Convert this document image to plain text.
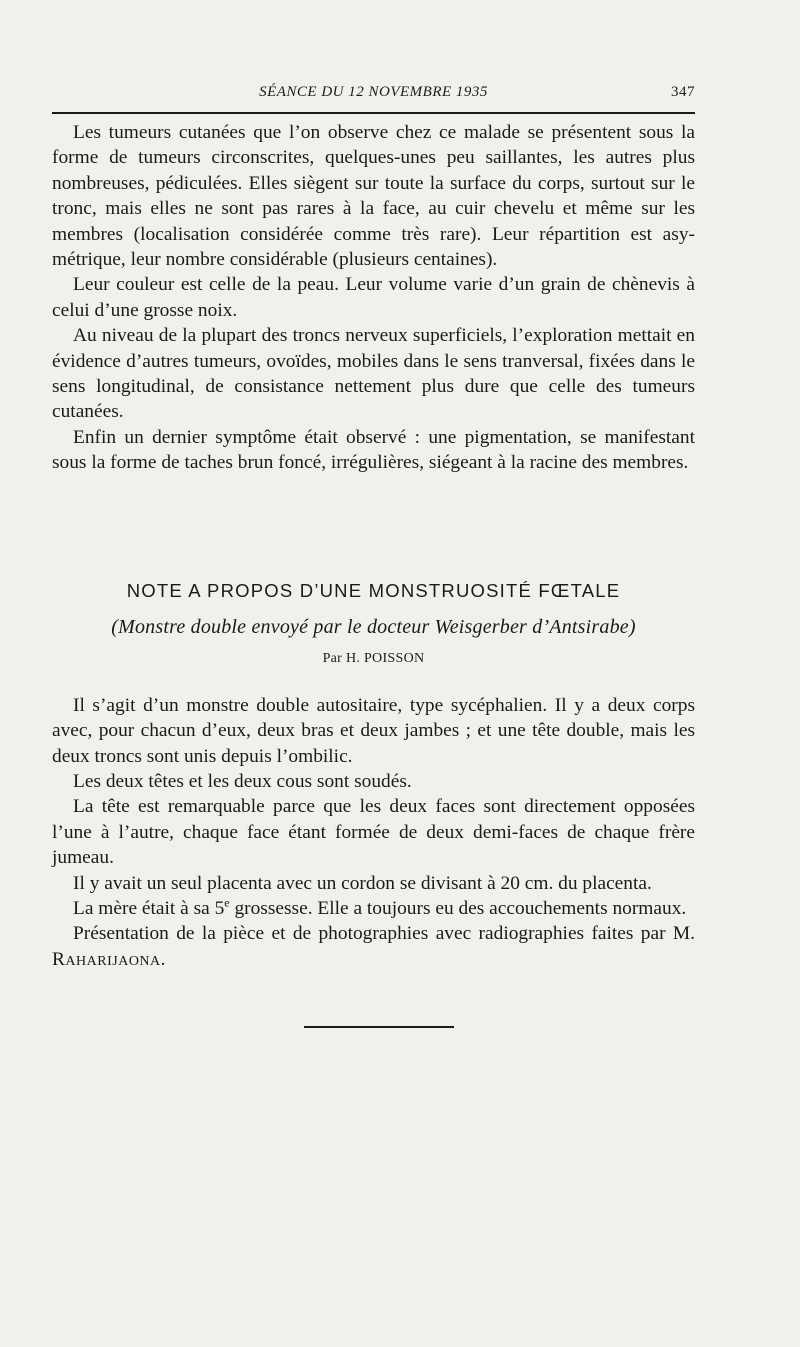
SÉANCE DU 12 NOVEMBRE 1935	347

Les tumeurs cutanées que l’on observe chez ce malade se présentent sous la forme de tumeurs circonscrites, quelques-unes peu saillantes, les autres plus nombreuses, pédiculées. Elles siègent sur toute la surface du corps, surtout sur le tronc, mais elles ne sont pas rares à la face, au cuir chevelu et même sur les membres (localisation considérée comme très rare). Leur répartition est asymétrique, leur nombre considérable (plusieurs centaines).

Leur couleur est celle de la peau. Leur volume varie d’un grain de chènevis à celui d’une grosse noix.

Au niveau de la plupart des troncs nerveux superficiels, l’exploration mettait en évidence d’autres tumeurs, ovoïdes, mobiles dans le sens tranversal, fixées dans le sens longitudinal, de consistance nettement plus dure que celle des tumeurs cutanées.

Enfin un dernier symptôme était observé : une pigmentation, se manifestant sous la forme de taches brun foncé, irrégulières, siégeant à la racine des membres.

NOTE A PROPOS D’UNE MONSTRUOSITÉ FŒTALE
(Monstre double envoyé par le docteur Weisgerber d’Antsirabe)
Par H. POISSON

Il s’agit d’un monstre double autositaire, type sycéphalien. Il y a deux corps avec, pour chacun d’eux, deux bras et deux jambes ; et une tête double, mais les deux troncs sont unis depuis l’ombilic.

Les deux têtes et les deux cous sont soudés.

La tête est remarquable parce que les deux faces sont directement opposées l’une à l’autre, chaque face étant formée de deux demi-faces de chaque frère jumeau.

Il y avait un seul placenta avec un cordon se divisant à 20 cm. du placenta.

La mère était à sa 5e grossesse. Elle a toujours eu des accouchements normaux.

Présentation de la pièce et de photographies avec radiographies faites par M. Raharijaona.
